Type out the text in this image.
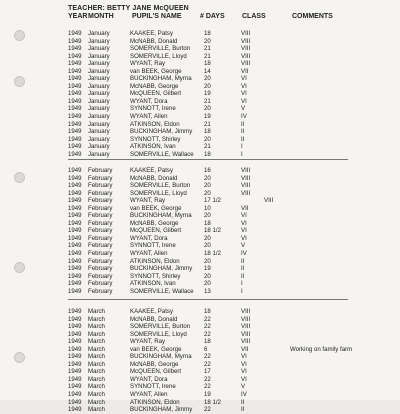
TEACHER: BETTY JANE McQUEEN
YEAR MONTH	PUPIL'S NAME	# DAYS CLASS	COMMENTS
1949 January	KAAKEE, Patsy	18	VIII
1949 January	McNABB, Donald	20	VIII
1949 January	SOMERVILLE, Burton 21	VIII
1949 January	SOMERVILLE, Lloyd	21	VIII
1949 January	WYANT, Ray	18	VIII
1949 January	van BEEK, George	14	VII
1949 January	BUCKINGHAM, Myrna 20	VI
1949 January	McNABB, George	20	VI
1949 January	McQUEEN, Gilbert	19	VI
1949 January	WYANT, Dora	21	VI
1949 January	SYNNOTT, Irene	20	V
1949 January	WYANT, Allen	19	IV
1949 January	ATKINSON, Eldon	21	II
1949 January	BUCKINGHAM, Jimmy 18	II
1949 January	SYNNOTT, Shirley	20	II
1949 January	ATKINSON, Ivan	21	I
1949 January	SOMERVILLE, Wallace 18	I
1949 February	KAAKEE, Patsy	16	VIII
1949 February	McNABB, Donald	20	VIII
1949 February	SOMERVILLE, Burton 20	VIII
1949 February	SOMERVILLE, Lloyd	20	VIII
1949 February	WYANT, Ray	17 1/2	VIII
1949 February	van BEEK, George	10	VII
1949 February	BUCKINGHAM, Myrna 20	VI
1949 February	McNABB, George	18	VI
1949 February	McQUEEN, Gilbert	18 1/2	VI
1949 February	WYANT, Dora	20	VI
1949 February	SYNNOTT, Irene	20	V
1949 February	WYANT, Allen	18 1/2	IV
1949 February	ATKINSON, Eldon	20	II
1949 February	BUCKINGHAM, Jimmy 19	II
1949 February	SYNNOTT, Shirley	20	II
1949 February	ATKINSON, Ivan	20	I
1949 February	SOMERVILLE, Wallace 13	I
1949 March	KAAKEE, Patsy	18	VIII
1949 March	McNABB, Donald	22	VIII
1949 March	SOMERVILLE, Burton 22	VIII
1949 March	SOMERVILLE, Lloyd	22	VIII
1949 March	WYANT, Ray	18	VIII
1949 March	van BEEK, George	6	VII	Working on family farm
1949 March	BUCKINGHAM, Myrna 22	VI
1949 March	McNABB, George	22	VI
1949 March	McQUEEN, Gilbert	17	VI
1949 March	WYANT, Dora	22	VI
1949 March	SYNNOTT, Irene	22	V
1949 March	WYANT, Allen	19	IV
1949 March	ATKINSON, Eldon	18 1/2	II
1949 March	BUCKINGHAM, Jimmy 22	II
